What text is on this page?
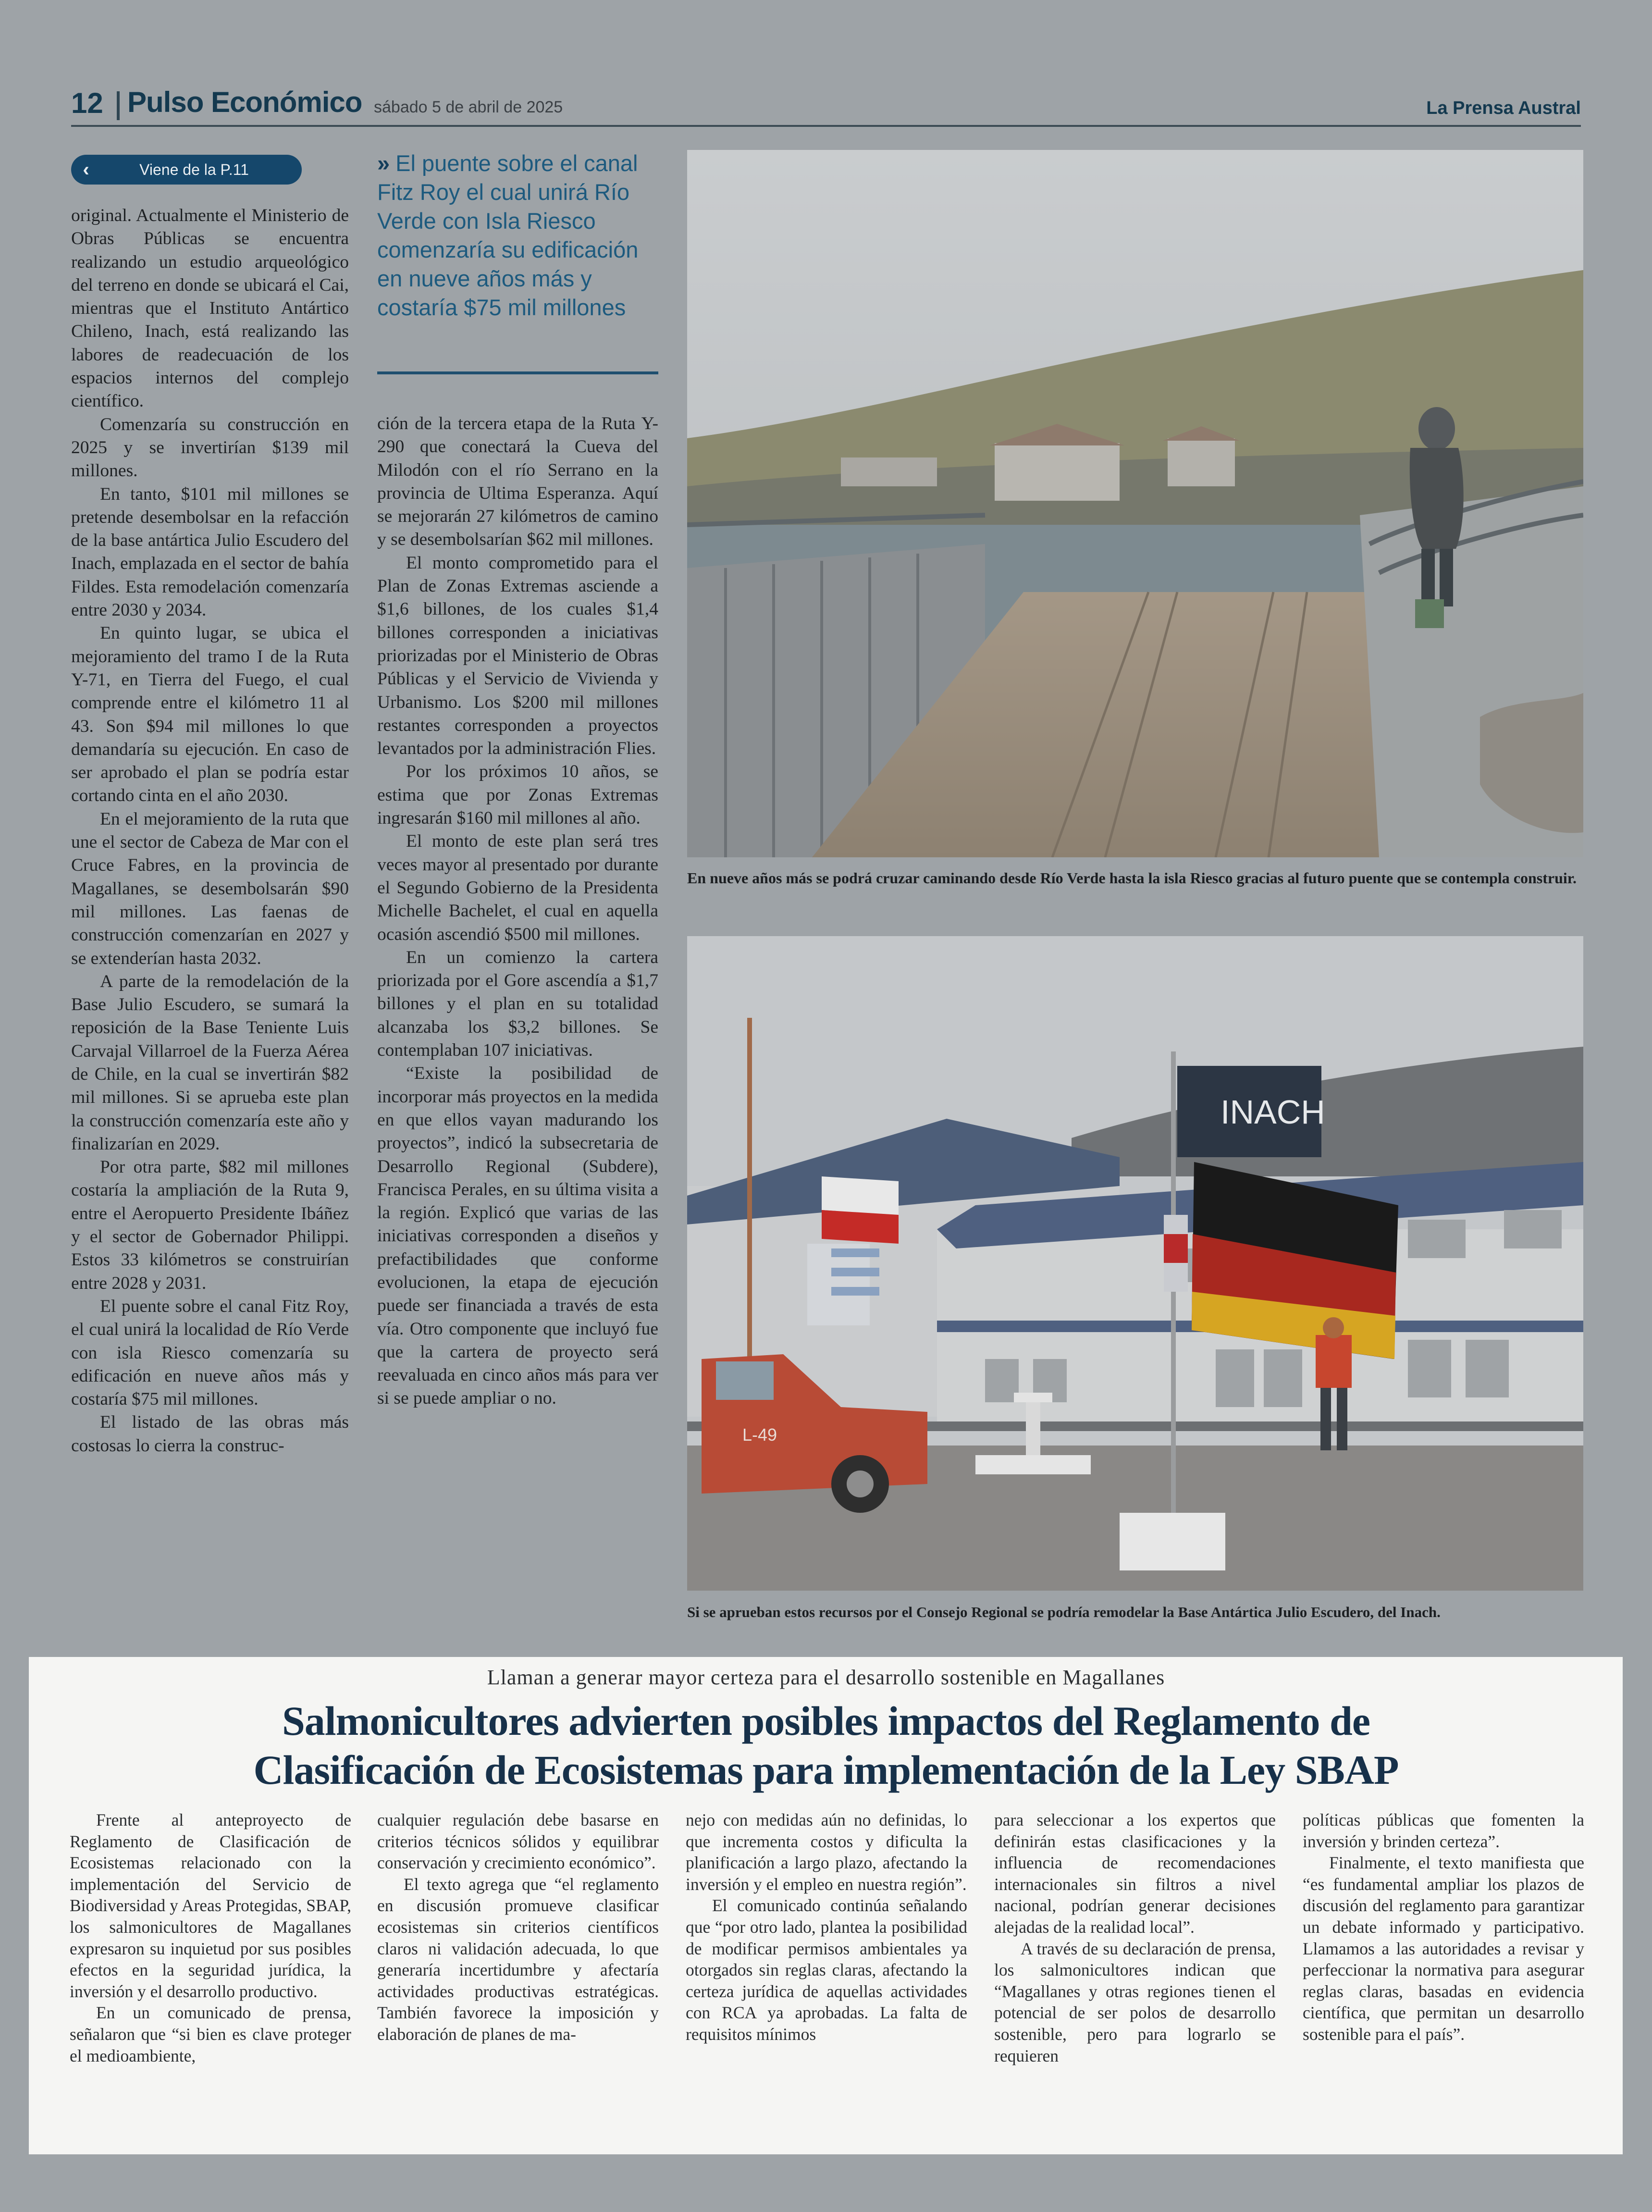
12 Pulso Económico sábado 5 de abril de 2025	La Prensa Austral
‹	Viene de la P.11

original. Actualmente el Ministerio de Obras Públicas se encuentra realizando un estudio arqueológico del terreno en donde se ubicará el Cai, mientras que el Instituto Antártico Chileno, Inach, está realizando las labores de readecuación de los espacios internos del complejo científico.

Comenzaría su construcción en 2025 y se invertirían $139 mil millones.

En tanto, $101 mil millones se pretende desembolsar en la refacción de la base antártica Julio Escudero del Inach, emplazada en el sector de bahía Fildes. Esta remodelación comenzaría entre 2030 y 2034.

En quinto lugar, se ubica el mejoramiento del tramo I de la Ruta Y-71, en Tierra del Fuego, el cual comprende entre el kilómetro 11 al 43. Son $94 mil millones lo que demandaría su ejecución. En caso de ser aprobado el plan se podría estar cortando cinta en el año 2030.

En el mejoramiento de la ruta que une el sector de Cabeza de Mar con el Cruce Fabres, en la provincia de Magallanes, se desembolsarán $90 mil millones. Las faenas de construcción comenzarían en 2027 y se extenderían hasta 2032.

A parte de la remodelación de la Base Julio Escudero, se sumará la reposición de la Base Teniente Luis Carvajal Villarroel de la Fuerza Aérea de Chile, en la cual se invertirán $82 mil millones. Si se aprueba este plan la construcción comenzaría este año y finalizarían en 2029.

Por otra parte, $82 mil millones costaría la ampliación de la Ruta 9, entre el Aeropuerto Presidente Ibáñez y el sector de Gobernador Philippi. Estos 33 kilómetros se construirían entre 2028 y 2031.

El puente sobre el canal Fitz Roy, el cual unirá la localidad de Río Verde con isla Riesco comenzaría su edificación en nueve años más y costaría $75 mil millones.

El listado de las obras más costosas lo cierra la construc-

» El puente sobre el canal Fitz Roy el cual unirá Río Verde con Isla Riesco comenzaría su edificación en nueve años más y costaría $75 mil millones

ción de la tercera etapa de la Ruta Y-290 que conectará la Cueva del Milodón con el río Serrano en la provincia de Ultima Esperanza. Aquí se mejorarán 27 kilómetros de camino y se desembolsarían $62 mil millones.

El monto comprometido para el Plan de Zonas Extremas asciende a $1,6 billones, de los cuales $1,4 billones corresponden a iniciativas priorizadas por el Ministerio de Obras Públicas y el Servicio de Vivienda y Urbanismo. Los $200 mil millones restantes corresponden a proyectos levantados por la administración Flies.

Por los próximos 10 años, se estima que por Zonas Extremas ingresarán $160 mil millones al año.

El monto de este plan será tres veces mayor al presentado por durante el Segundo Gobierno de la Presidenta Michelle Bachelet, el cual en aquella ocasión ascendió $500 mil millones.

En un comienzo la cartera priorizada por el Gore ascendía a $1,7 billones y el plan en su totalidad alcanzaba los $3,2 billones. Se contemplaban 107 iniciativas.

“Existe la posibilidad de incorporar más proyectos en la medida en que ellos vayan madurando los proyectos”, indicó la subsecretaria de Desarrollo Regional (Subdere), Francisca Perales, en su última visita a la región. Explicó que varias de las iniciativas corresponden a diseños y prefactibilidades que conforme evolucionen, la etapa de ejecución puede ser financiada a través de esta vía. Otro componente que incluyó fue que la cartera de proyecto será reevaluada en cinco años más para ver si se puede ampliar o no.

En nueve años más se podrá cruzar caminando desde Río Verde hasta la isla Riesco gracias al futuro puente que se contempla construir.
INACH
L-49
Si se aprueban estos recursos por el Consejo Regional se podría remodelar la Base Antártica Julio Escudero, del Inach.
Llaman a generar mayor certeza para el desarrollo sostenible en Magallanes
Salmonicultores advierten posibles impactos del Reglamento de
Clasificación de Ecosistemas para implementación de la Ley SBAP

Frente al anteproyecto de Reglamento de Clasificación de Ecosistemas relacionado con la implementación del Servicio de Biodiversidad y Areas Protegidas, SBAP, los salmonicultores de Magallanes expresaron su inquietud por sus posibles efectos en la seguridad jurídica, la inversión y el desarrollo productivo.

En un comunicado de prensa, señalaron que “si bien es clave proteger el medioambiente,

cualquier regulación debe basarse en criterios técnicos sólidos y equilibrar conservación y crecimiento económico”.

El texto agrega que “el reglamento en discusión promueve clasificar ecosistemas sin criterios científicos claros ni validación adecuada, lo que generaría incertidumbre y afectaría actividades productivas estratégicas. También favorece la imposición y elaboración de planes de ma-

nejo con medidas aún no definidas, lo que incrementa costos y dificulta la planificación a largo plazo, afectando la inversión y el empleo en nuestra región”.

El comunicado continúa señalando que “por otro lado, plantea la posibilidad de modificar permisos ambientales ya otorgados sin reglas claras, afectando la certeza jurídica de aquellas actividades con RCA ya aprobadas. La falta de requisitos mínimos

para seleccionar a los expertos que definirán estas clasificaciones y la influencia de recomendaciones internacionales sin filtros a nivel nacional, podrían generar decisiones alejadas de la realidad local”.

A través de su declaración de prensa, los salmonicultores indican que “Magallanes y otras regiones tienen el potencial de ser polos de desarrollo sostenible, pero para lograrlo se requieren

políticas públicas que fomenten la inversión y brinden certeza”.

Finalmente, el texto manifiesta que “es fundamental ampliar los plazos de discusión del reglamento para garantizar un debate informado y participativo. Llamamos a las autoridades a revisar y perfeccionar la normativa para asegurar reglas claras, basadas en evidencia científica, que permitan un desarrollo sostenible para el país”.
